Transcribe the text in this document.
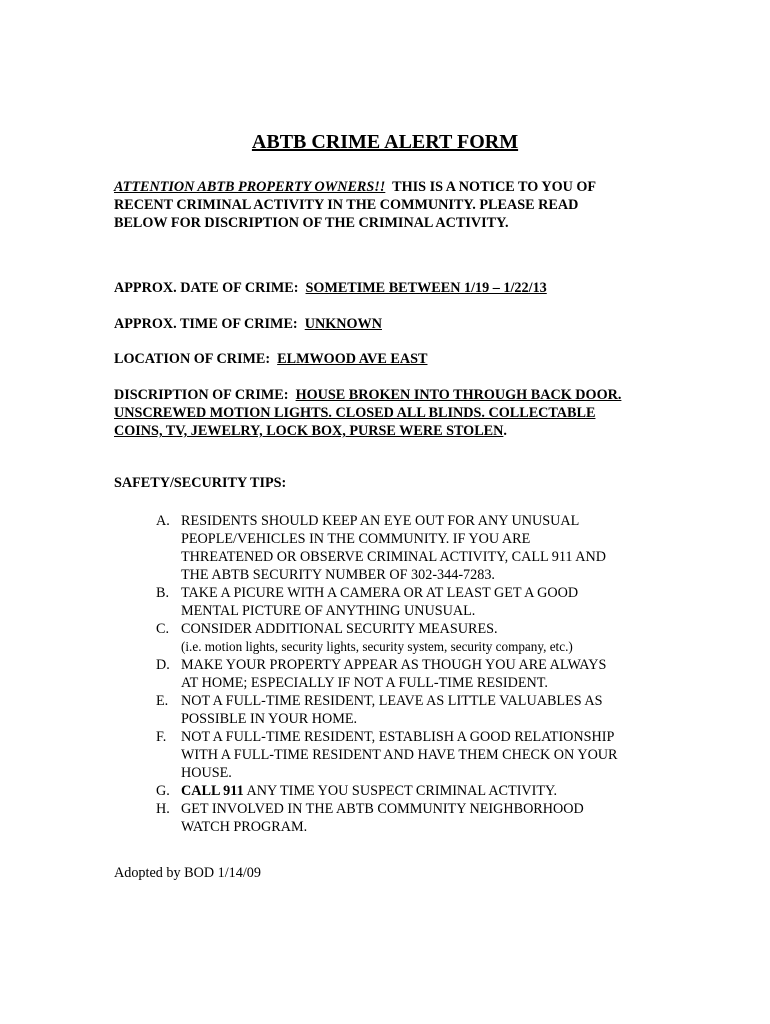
ABTB CRIME ALERT FORM
ATTENTION ABTB PROPERTY OWNERS!! THIS IS A NOTICE TO YOU OF
RECENT CRIMINAL ACTIVITY IN THE COMMUNITY. PLEASE READ
BELOW FOR DISCRIPTION OF THE CRIMINAL ACTIVITY.
APPROX. DATE OF CRIME: SOMETIME BETWEEN 1/19 – 1/22/13
APPROX. TIME OF CRIME: UNKNOWN
LOCATION OF CRIME: ELMWOOD AVE EAST
DISCRIPTION OF CRIME: HOUSE BROKEN INTO THROUGH BACK DOOR.
UNSCREWED MOTION LIGHTS. CLOSED ALL BLINDS. COLLECTABLE
COINS, TV, JEWELRY, LOCK BOX, PURSE WERE STOLEN.
SAFETY/SECURITY TIPS:
A. RESIDENTS SHOULD KEEP AN EYE OUT FOR ANY UNUSUAL
PEOPLE/VEHICLES IN THE COMMUNITY. IF YOU ARE
THREATENED OR OBSERVE CRIMINAL ACTIVITY, CALL 911 AND
THE ABTB SECURITY NUMBER OF 302-344-7283.
B. TAKE A PICURE WITH A CAMERA OR AT LEAST GET A GOOD
MENTAL PICTURE OF ANYTHING UNUSUAL.
C. CONSIDER ADDITIONAL SECURITY MEASURES.
(i.e. motion lights, security lights, security system, security company, etc.)
D. MAKE YOUR PROPERTY APPEAR AS THOUGH YOU ARE ALWAYS
AT HOME; ESPECIALLY IF NOT A FULL-TIME RESIDENT.
E. NOT A FULL-TIME RESIDENT, LEAVE AS LITTLE VALUABLES AS
POSSIBLE IN YOUR HOME.
F.	NOT A FULL-TIME RESIDENT, ESTABLISH A GOOD RELATIONSHIP
WITH A FULL-TIME RESIDENT AND HAVE THEM CHECK ON YOUR
HOUSE.
G. CALL 911 ANY TIME YOU SUSPECT CRIMINAL ACTIVITY.
H. GET INVOLVED IN THE ABTB COMMUNITY NEIGHBORHOOD
WATCH PROGRAM.
Adopted by BOD 1/14/09
